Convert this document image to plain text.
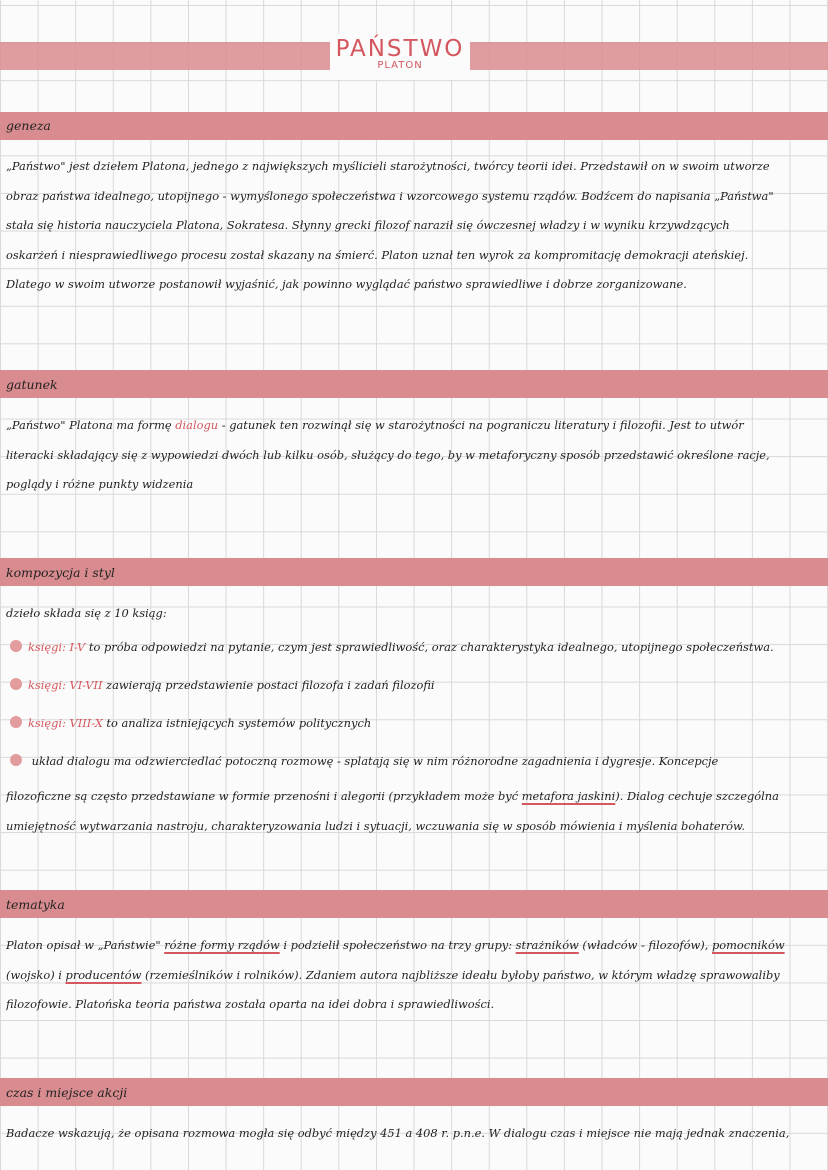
PAŃSTWO
PLATON
geneza
„Państwo" jest dziełem Platona, jednego z największych myślicieli starożytności, twórcy teorii idei. Przedstawił on w swoim utworze
obraz państwa idealnego, utopijnego - wymyślonego społeczeństwa i wzorcowego systemu rządów. Bodźcem do napisania „Państwa"
stała się historia nauczyciela Platona, Sokratesa. Słynny grecki filozof naraził się ówczesnej władzy i w wyniku krzywdzących
oskarżeń i niesprawiedliwego procesu został skazany na śmierć. Platon uznał ten wyrok za kompromitację demokracji ateńskiej.
Dlatego w swoim utworze postanowił wyjaśnić, jak powinno wyglądać państwo sprawiedliwe i dobrze zorganizowane.
gatunek
„Państwo" Platona ma formę dialogu - gatunek ten rozwinął się w starożytności na pograniczu literatury i filozofii. Jest to utwór
literacki składający się z wypowiedzi dwóch lub kilku osób, służący do tego, by w metaforyczny sposób przedstawić określone racje,
poglądy i różne punkty widzenia
kompozycja i styl
dzieło składa się z 10 ksiąg:
księgi: I-V to próba odpowiedzi na pytanie, czym jest sprawiedliwość, oraz charakterystyka idealnego, utopijnego społeczeństwa.
księgi: VI-VII zawierają przedstawienie postaci filozofa i zadań filozofii
księgi: VIII-X to analiza istniejących systemów politycznych
układ dialogu ma odzwierciedlać potoczną rozmowę - splatają się w nim różnorodne zagadnienia i dygresje. Koncepcje
filozoficzne są często przedstawiane w formie przenośni i alegorii (przykładem może być metafora jaskini). Dialog cechuje szczególna
umiejętność wytwarzania nastroju, charakteryzowania ludzi i sytuacji, wczuwania się w sposób mówienia i myślenia bohaterów.
tematyka
Platon opisał w „Państwie" różne formy rządów i podzielił społeczeństwo na trzy grupy: strażników (władców - filozofów), pomocników
(wojsko) i producentów (rzemieślników i rolników). Zdaniem autora najbliższe ideału byłoby państwo, w którym władzę sprawowaliby
filozofowie. Platońska teoria państwa została oparta na idei dobra i sprawiedliwości.
czas i miejsce akcji
Badacze wskazują, że opisana rozmowa mogła się odbyć między 451 a 408 r. p.n.e. W dialogu czas i miejsce nie mają jednak znaczenia,
